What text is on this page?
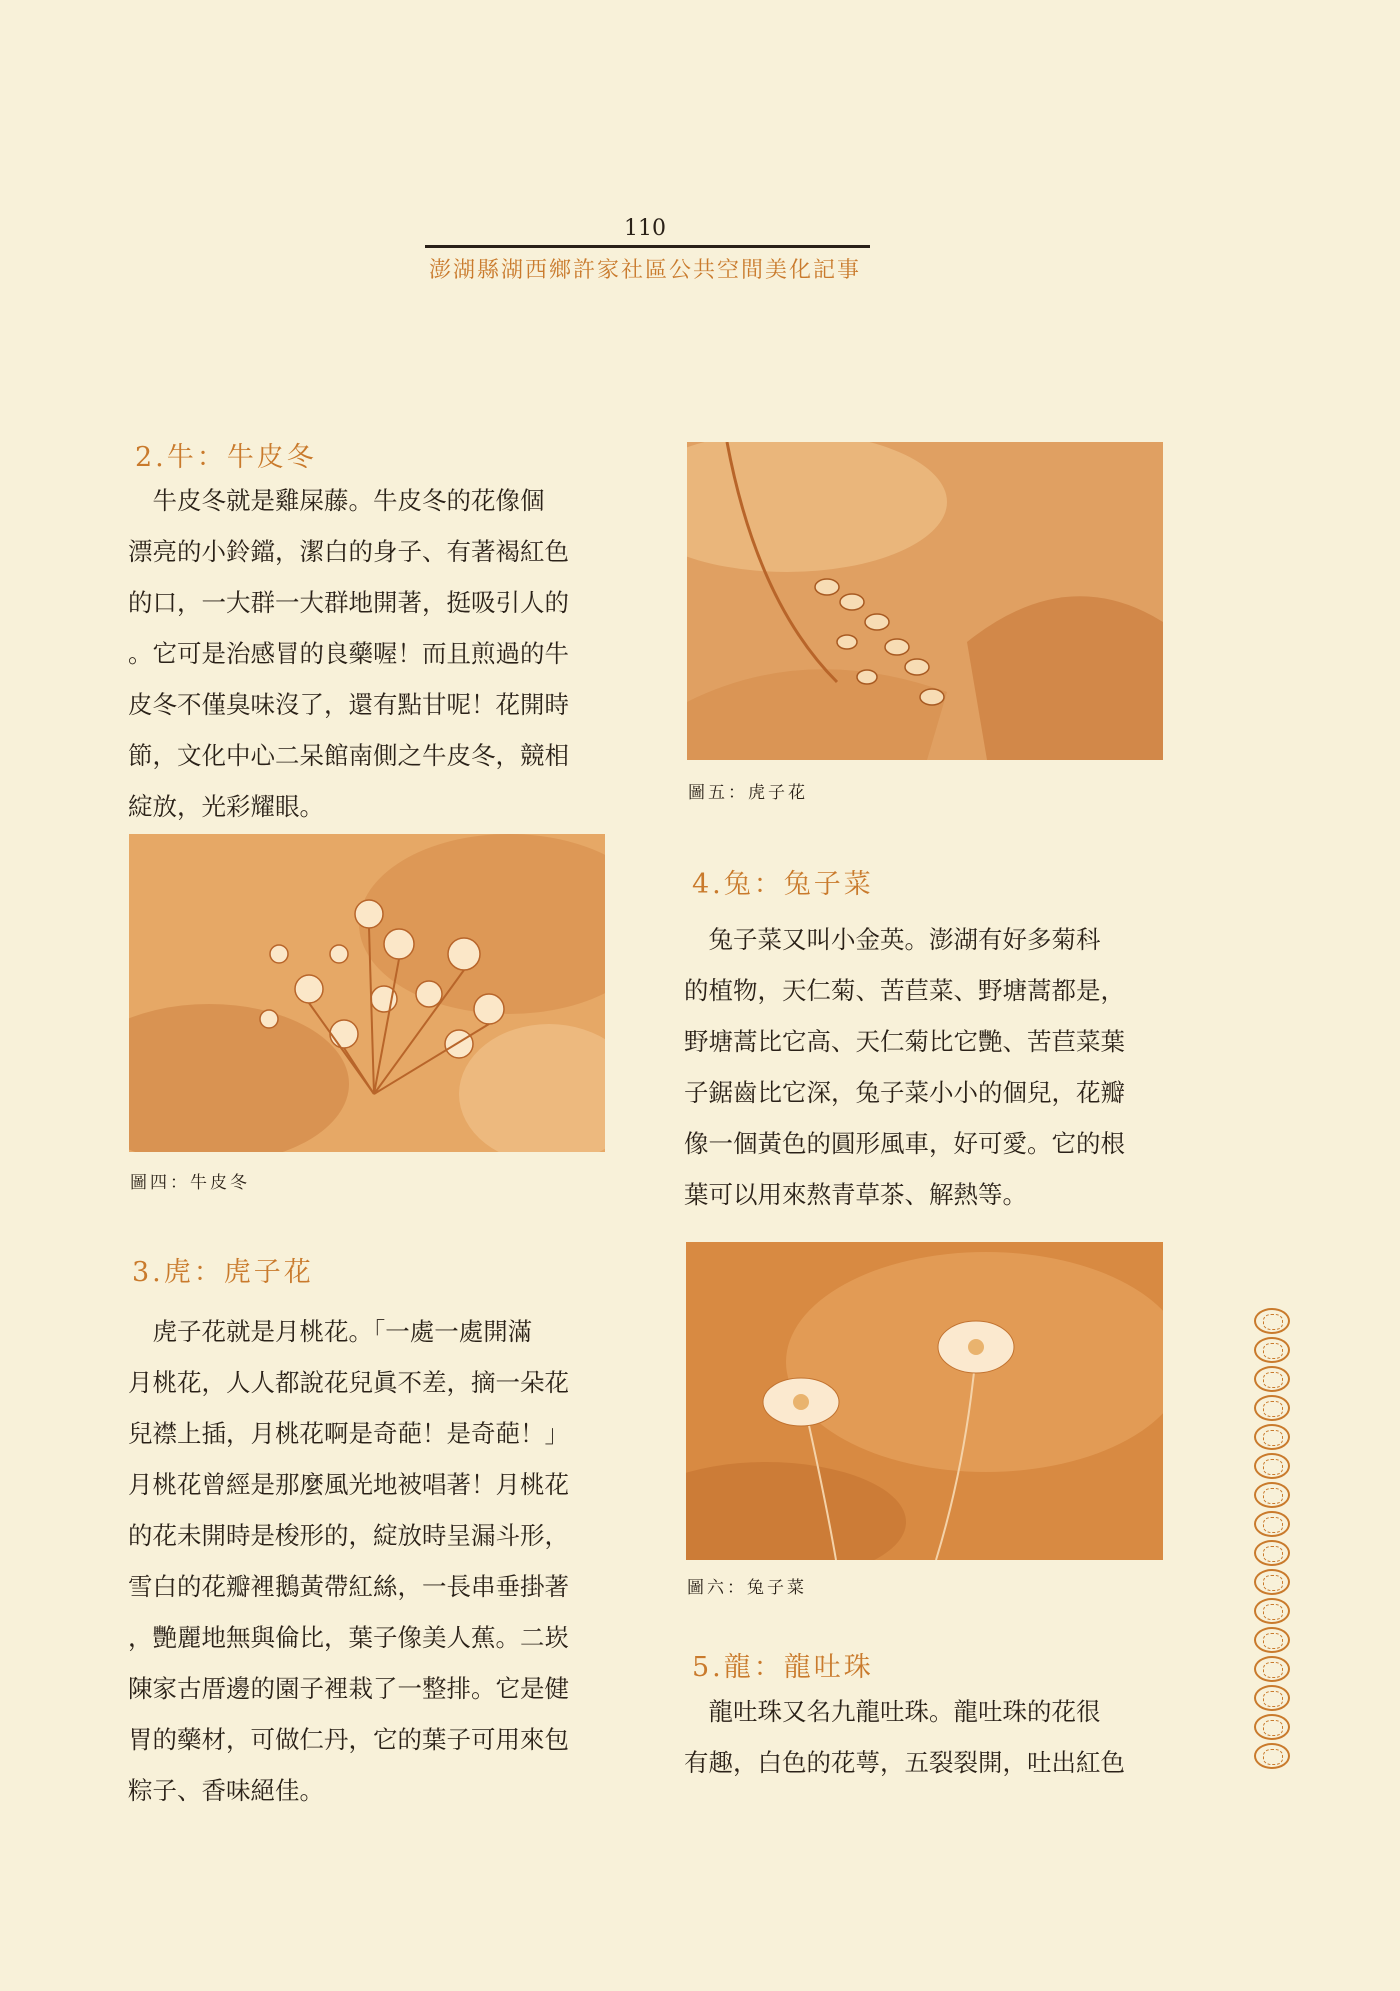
110
澎湖縣湖西鄉許家社區公共空間美化記事
2.牛：牛皮冬
　牛皮冬就是雞屎藤。牛皮冬的花像個
漂亮的小鈴鐺，潔白的身子、有著褐紅色
的口，一大群一大群地開著，挺吸引人的
。它可是治感冒的良藥喔！而且煎過的牛
皮冬不僅臭味沒了，還有點甘呢！花開時
節，文化中心二呆館南側之牛皮冬，競相
綻放，光彩耀眼。
圖四：牛皮冬
3.虎：虎子花
　虎子花就是月桃花。「一處一處開滿
月桃花，人人都說花兒眞不差，摘一朵花
兒襟上插，月桃花啊是奇葩！是奇葩！」
月桃花曾經是那麼風光地被唱著！月桃花
的花未開時是梭形的，綻放時呈漏斗形，
雪白的花瓣裡鵝黃帶紅絲，一長串垂掛著
，艷麗地無與倫比，葉子像美人蕉。二崁
陳家古厝邊的園子裡栽了一整排。它是健
胃的藥材，可做仁丹，它的葉子可用來包
粽子、香味絕佳。
圖五：虎子花
4.兔：兔子菜
　兔子菜又叫小金英。澎湖有好多菊科
的植物，天仁菊、苦苣菜、野塘蒿都是，
野塘蒿比它高、天仁菊比它艷、苦苣菜葉
子鋸齒比它深，兔子菜小小的個兒，花瓣
像一個黃色的圓形風車，好可愛。它的根
葉可以用來熬青草茶、解熱等。
圖六：兔子菜
5.龍：龍吐珠
　龍吐珠又名九龍吐珠。龍吐珠的花很
有趣，白色的花萼，五裂裂開，吐出紅色
